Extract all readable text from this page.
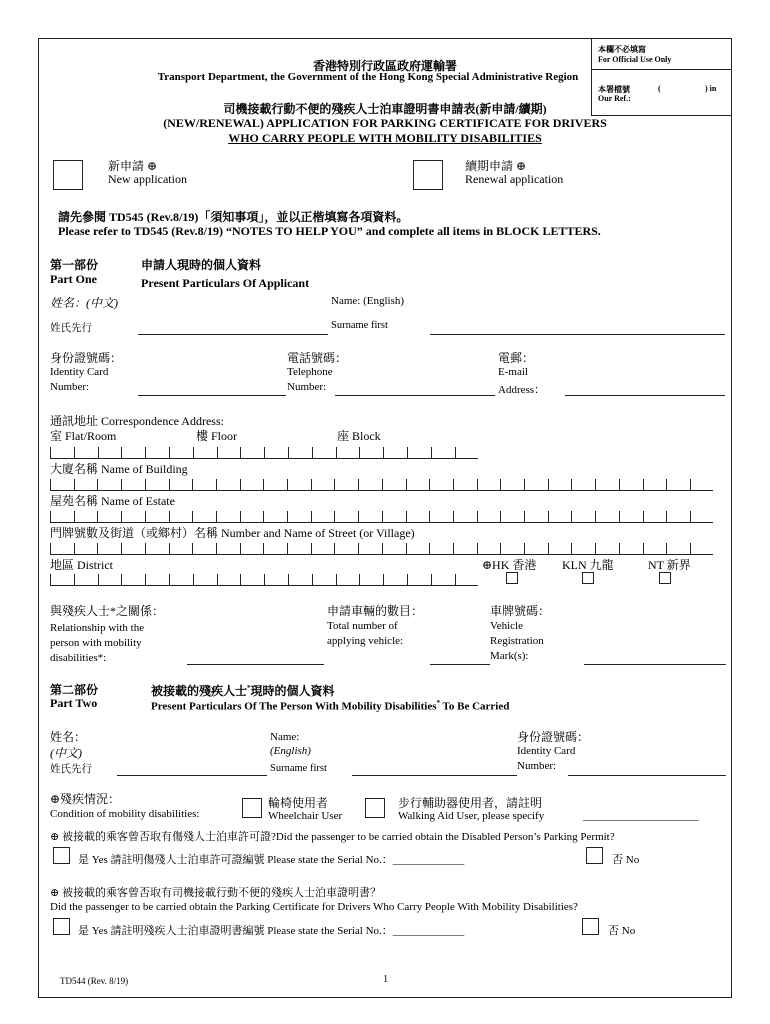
本欄不必填寫
For Official Use Only
本署檔號
Our Ref.:
(	) in
香港特別行政區政府運輸署
Transport Department, the Government of the Hong Kong Special Administrative Region
司機接載行動不便的殘疾人士泊車證明書申請表(新申請/續期)
(NEW/RENEWAL) APPLICATION FOR PARKING CERTIFICATE FOR DRIVERS
WHO CARRY PEOPLE WITH MOBILITY DISABILITIES
新申請 ⊕
New application
續期申請 ⊕
Renewal application
請先參閱 TD545 (Rev.8/19)「須知事項」，並以正楷填寫各項資料。
Please refer to TD545 (Rev.8/19) “NOTES TO HELP YOU” and complete all items in BLOCK LETTERS.
第一部份
Part One
申請人現時的個人資料
Present Particulars Of Applicant
姓名：(中文)	Name: (English)
姓氏先行	Surname first
身份證號碼：
Identity Card
Number:
電話號碼：
Telephone
Number:
電郵：
E-mail
Address：
通訊地址 Correspondence Address:
室 Flat/Room	樓 Floor	座 Block
大廈名稱 Name of Building
屋苑名稱 Name of Estate
門牌號數及街道（或鄉村）名稱 Number and Name of Street (or Village)
地區 District	⊕HK 香港 KLN 九龍	NT 新界
與殘疾人士*之關係：
Relationship with the
person with mobility
disabilities*:
申請車輛的數目：
Total number of
applying vehicle:
車牌號碼：
Vehicle
Registration
Mark(s):
第二部份
Part Two
被接載的殘疾人士*現時的個人資料
Present Particulars Of The Person With Mobility Disabilities* To Be Carried
姓名：
(中文)
姓氏先行
Name:
(English)
Surname first
身份證號碼：
Identity Card
Number:
⊕殘疾情況：
Condition of mobility disabilities:
輪椅使用者
Wheelchair User
步行輔助器使用者，請註明
Walking Aid User, please specify	_____________________
⊕ 被接載的乘客曾否取有傷殘人士泊車許可證?Did the passenger to be carried obtain the Disabled Person’s Parking Permit?
是 Yes 請註明傷殘人士泊車許可證編號 Please state the Serial No.：_____________	否 No
⊕ 被接載的乘客曾否取有司機接載行動不便的殘疾人士泊車證明書？
Did the passenger to be carried obtain the Parking Certificate for Drivers Who Carry People With Mobility Disabilities?
是 Yes 請註明殘疾人士泊車證明書編號 Please state the Serial No.：_____________	否 No
TD544 (Rev. 8/19)	1
